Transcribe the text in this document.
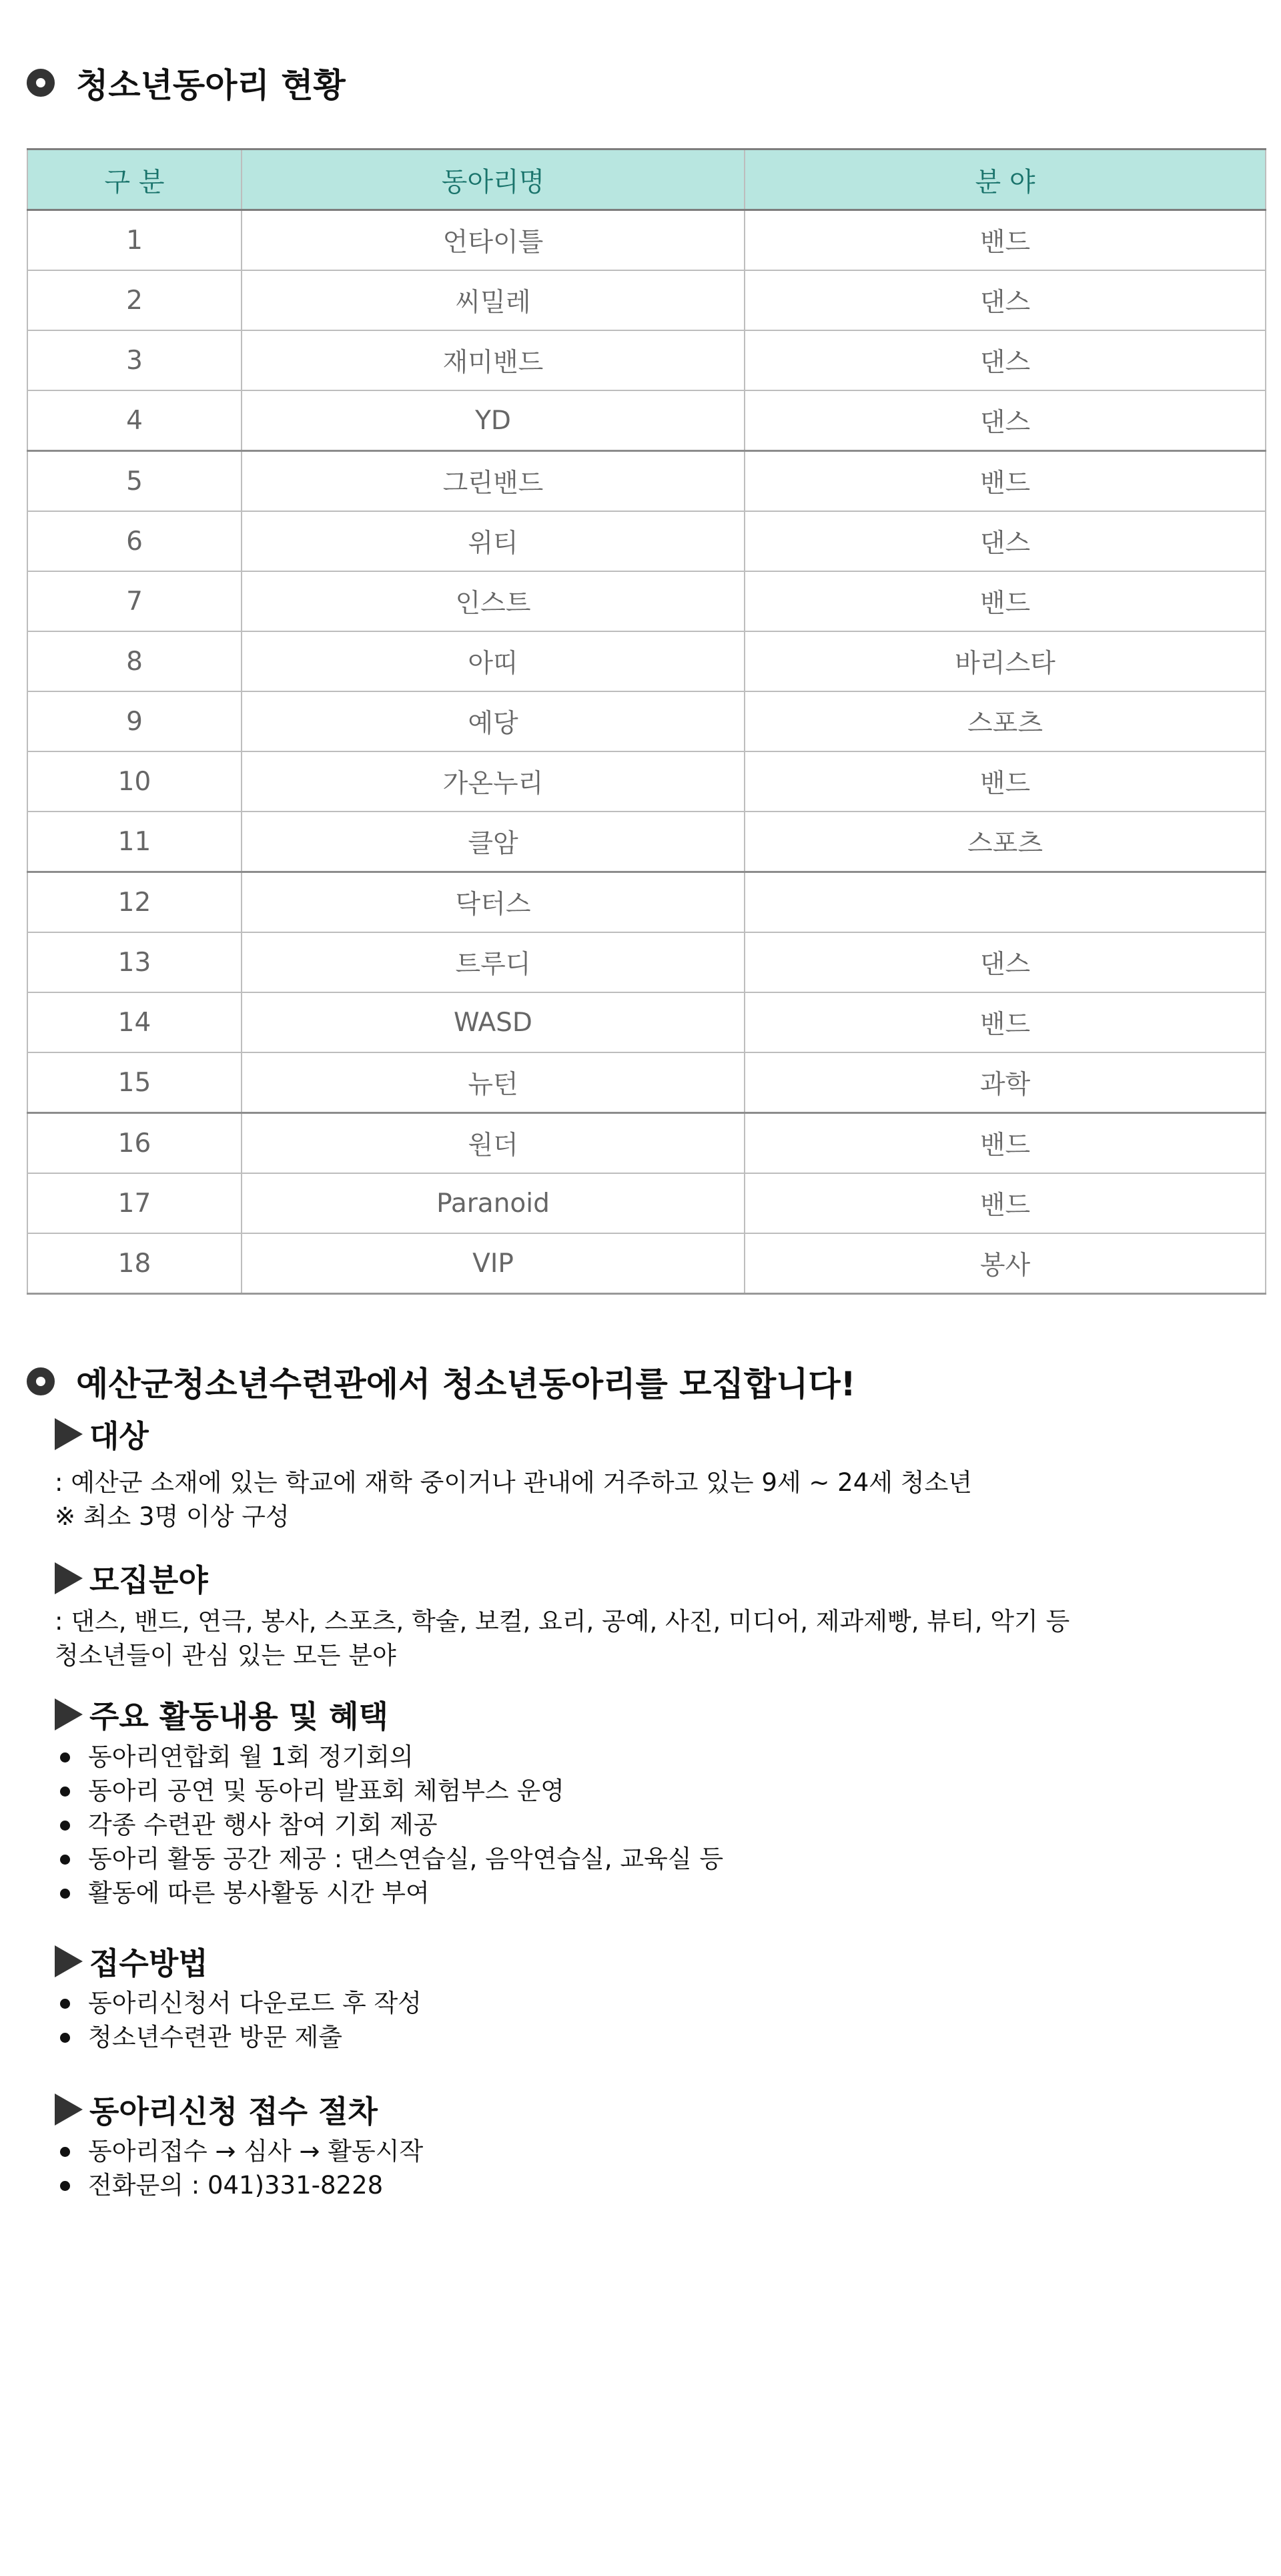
청소년동아리 현황
구 분	동아리명	분 야
1	언타이틀	밴드
2	씨밀레	댄스
3	재미밴드	댄스
4	YD	댄스
5	그린밴드	밴드
6	위티	댄스
7	인스트	밴드
8	아띠	바리스타
9	예당	스포츠
10	가온누리	밴드
11	클암	스포츠
12	닥터스	
13	트루디	댄스
14	WASD	밴드
15	뉴턴	과학
16	원더	밴드
17	Paranoid	밴드
18	VIP	봉사
예산군청소년수련관에서 청소년동아리를 모집합니다!
대상

: 예산군 소재에 있는 학교에 재학 중이거나 관내에 거주하고 있는 9세 ~ 24세 청소년
※ 최소 3명 이상 구성

모집분야

: 댄스, 밴드, 연극, 봉사, 스포츠, 학술, 보컬, 요리, 공예, 사진, 미디어, 제과제빵, 뷰티, 악기 등
청소년들이 관심 있는 모든 분야

주요 활동내용 및 혜택
동아리연합회 월 1회 정기회의
동아리 공연 및 동아리 발표회 체험부스 운영
각종 수련관 행사 참여 기회 제공
동아리 활동 공간 제공 : 댄스연습실, 음악연습실, 교육실 등
활동에 따른 봉사활동 시간 부여
접수방법
동아리신청서 다운로드 후 작성
청소년수련관 방문 제출
동아리신청 접수 절차
동아리접수 → 심사 → 활동시작
전화문의 : 041)331-8228
